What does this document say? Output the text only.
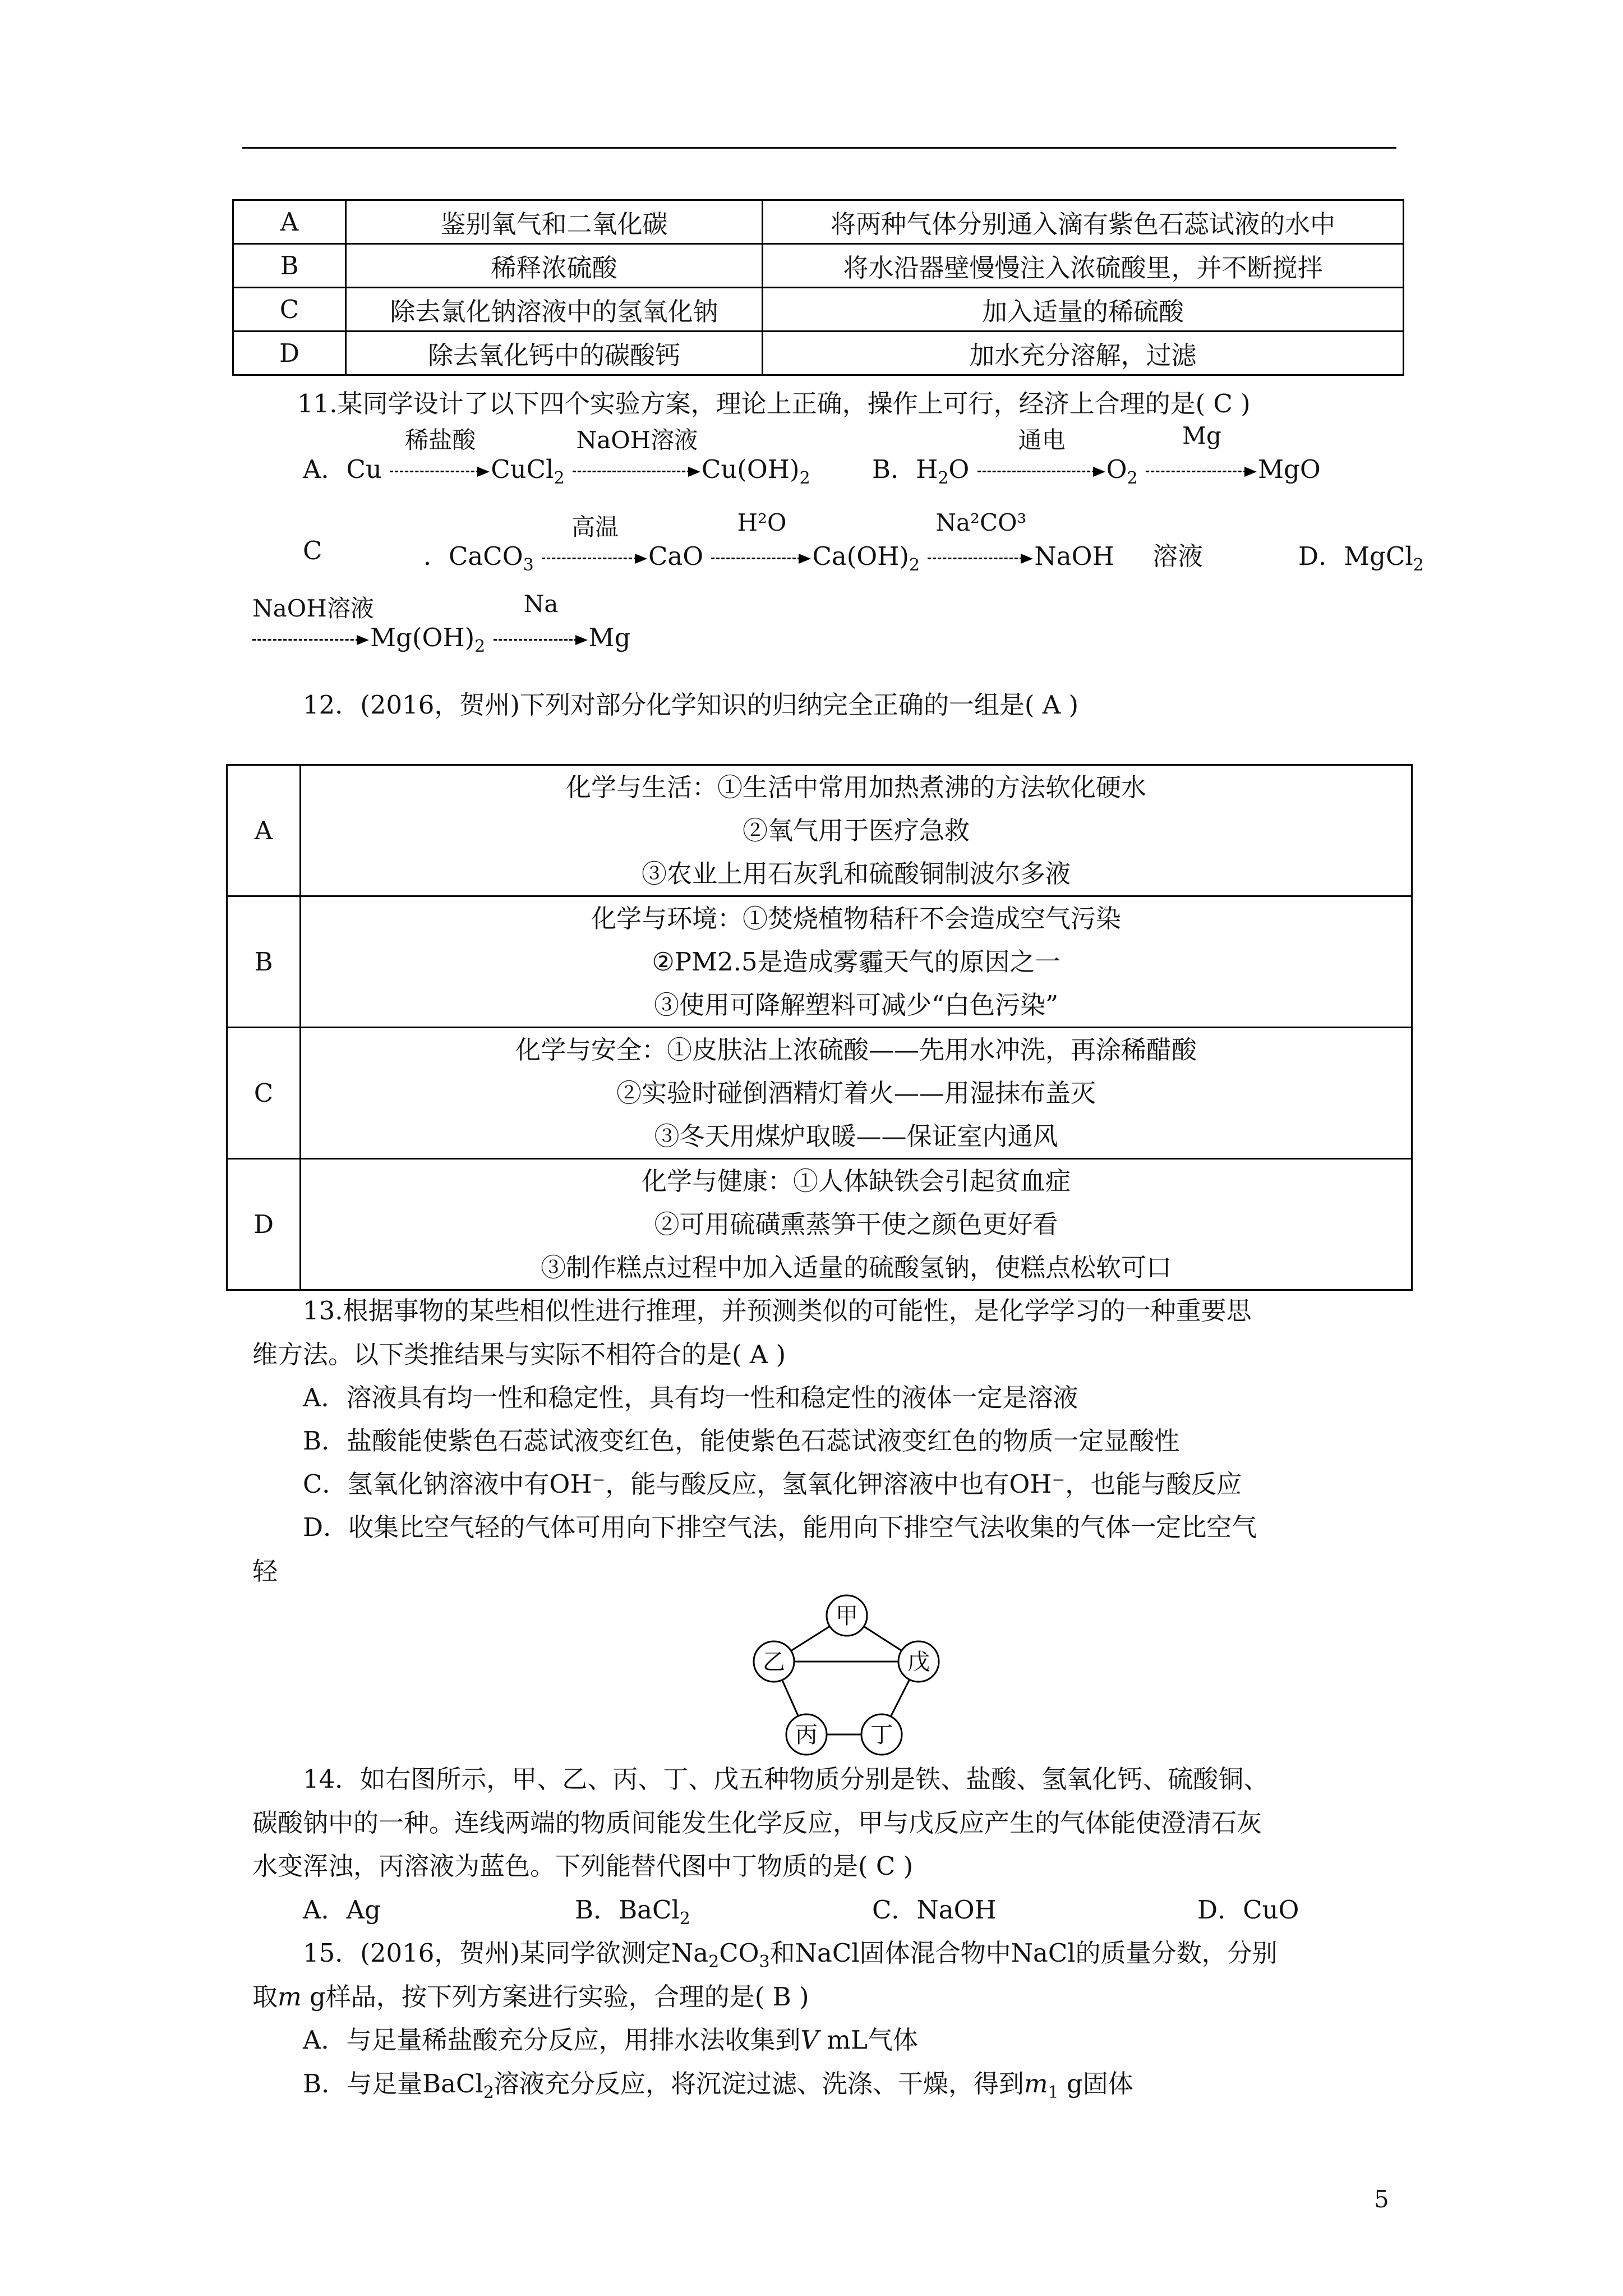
A	鉴别氧气和二氧化碳	将两种气体分别通入滴有紫色石蕊试液的水中
B	稀释浓硫酸	将水沿器壁慢慢注入浓硫酸里，并不断搅拌
C	除去氯化钠溶液中的氢氧化钠	加入适量的稀硫酸
D	除去氧化钙中的碳酸钙	加水充分溶解，过滤
11.某同学设计了以下四个实验方案，理论上正确，操作上可行，经济上合理的是( C )
A．Cu
稀盐酸
CuCl$_2$
NaOH溶液
$Cu(OH)_2$ B．$H_2O$
通电
$O_2$
Mg
MgO
C	．CaCO$_3$
高温
CaO
H²O
$Ca(OH)_2$
Na²CO³
NaOH 溶液	D．MgCl$_2$
NaOH溶液
$Mg(OH)_2$
Na
Mg
12．(2016，贺州)下列对部分化学知识的归纳完全正确的一组是( A )
A	化学与生活：①生活中常用加热煮沸的方法软化硬水
②氧气用于医疗急救
③农业上用石灰乳和硫酸铜制波尔多液

B	化学与环境：①焚烧植物秸秆不会造成空气污染
②PM2.5是造成雾霾天气的原因之一
③使用可降解塑料可减少“白色污染”

C	化学与安全：①皮肤沾上浓硫酸——先用水冲洗，再涂稀醋酸
②实验时碰倒酒精灯着火——用湿抹布盖灭
③冬天用煤炉取暖——保证室内通风

D	化学与健康：①人体缺铁会引起贫血症
②可用硫磺熏蒸笋干使之颜色更好看
③制作糕点过程中加入适量的硫酸氢钠，使糕点松软可口
13.根据事物的某些相似性进行推理，并预测类似的可能性，是化学学习的一种重要思
维方法。以下类推结果与实际不相符合的是( A )
A．溶液具有均一性和稳定性，具有均一性和稳定性的液体一定是溶液
B．盐酸能使紫色石蕊试液变红色，能使紫色石蕊试液变红色的物质一定显酸性
C．氢氧化钠溶液中有OH⁻，能与酸反应，氢氧化钾溶液中也有OH⁻，也能与酸反应
D．收集比空气轻的气体可用向下排空气法，能用向下排空气法收集的气体一定比空气
轻
甲
乙	戊
丙 丁
14．如右图所示，甲、乙、丙、丁、戊五种物质分别是铁、盐酸、氢氧化钙、硫酸铜、
碳酸钠中的一种。连线两端的物质间能发生化学反应，甲与戊反应产生的气体能使澄清石灰
水变浑浊，丙溶液为蓝色。下列能替代图中丁物质的是( C )
A．Ag	B．BaCl$_2$	C．NaOH	D．CuO
15．(2016，贺州)某同学欲测定$Na_2CO_3$和NaCl固体混合物中NaCl的质量分数，分别
取m g样品，按下列方案进行实验，合理的是( B )
A．与足量稀盐酸充分反应，用排水法收集到V mL气体
B．与足量BaCl$_2$溶液充分反应，将沉淀过滤、洗涤、干燥，得到$m_1$ g固体
5
